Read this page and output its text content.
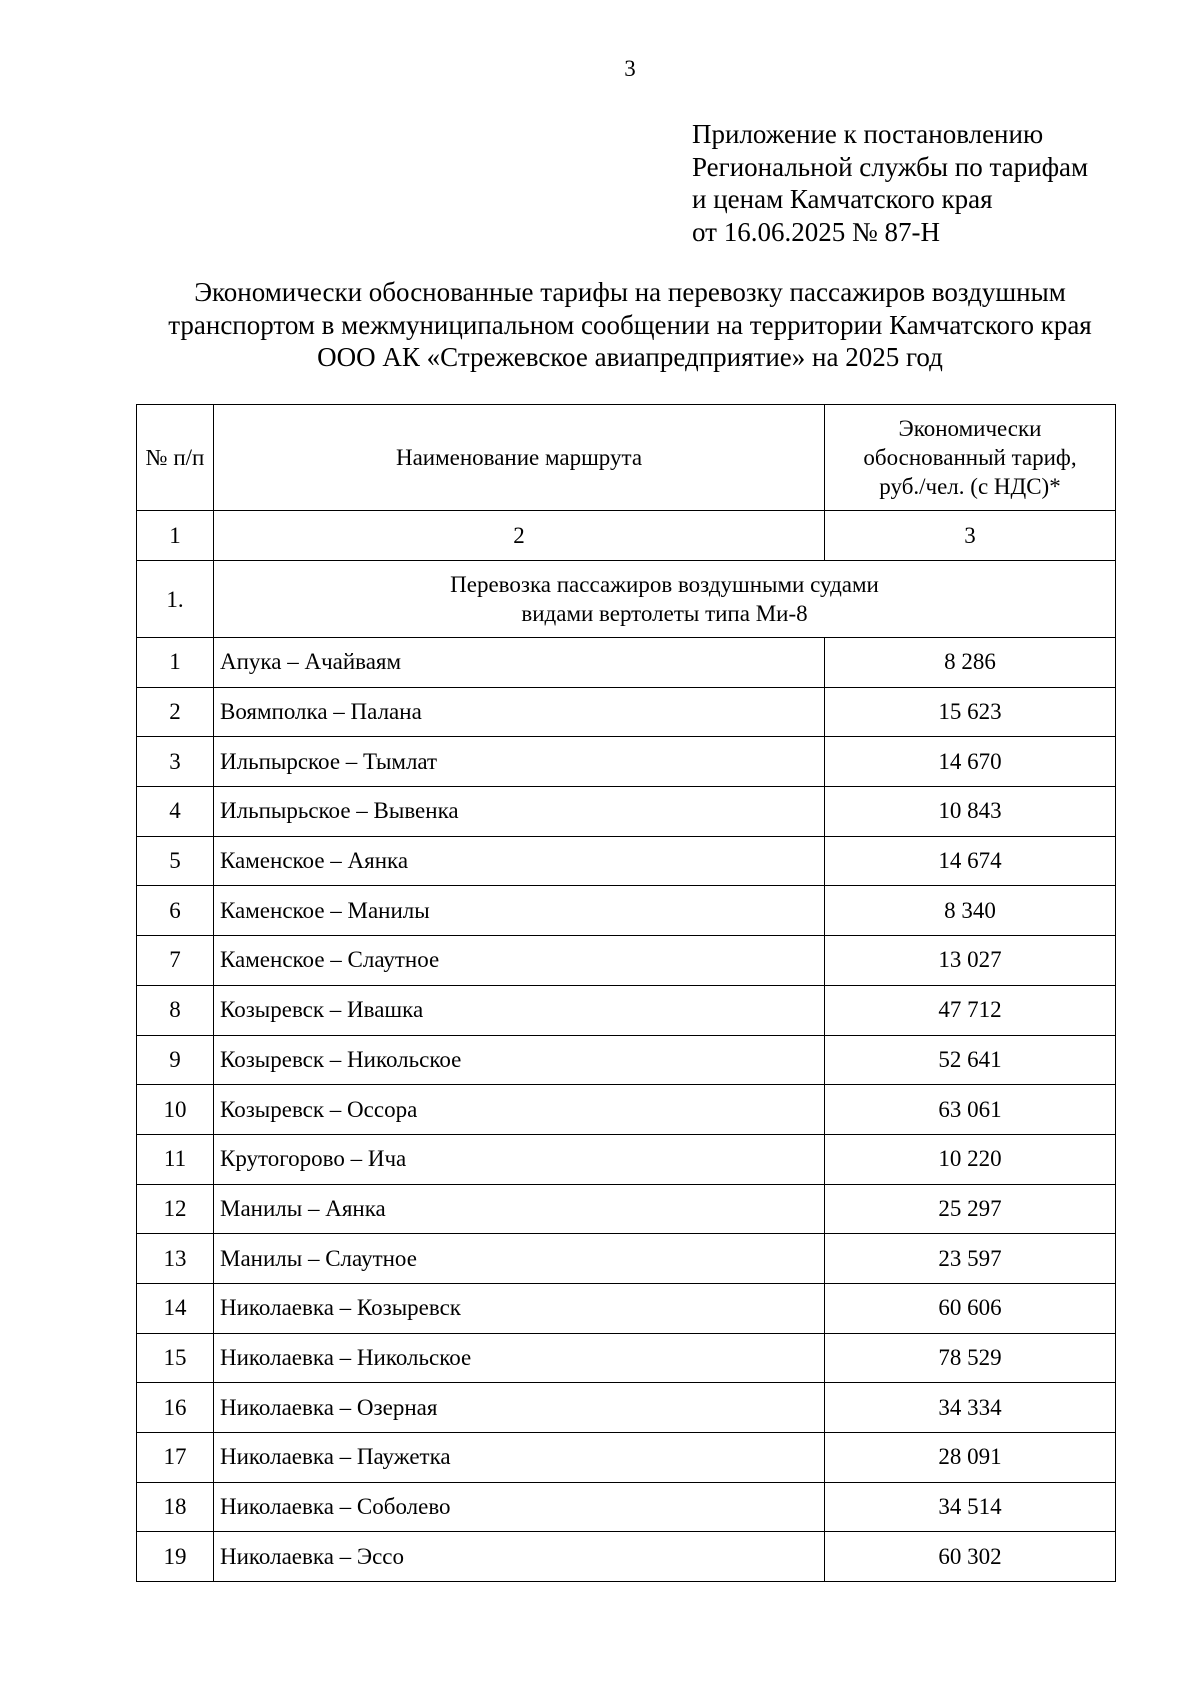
3
Приложение к постановлению
Региональной службы по тарифам
и ценам Камчатского края
от 16.06.2025 № 87-Н
Экономически обоснованные тарифы на перевозку пассажиров воздушным
транспортом в межмуниципальном сообщении на территории Камчатского края
ООО АК «Стрежевское авиапредприятие» на 2025 год
№ п/п	Наименование маршрута	Экономически
обоснованный тариф,
руб./чел. (с НДС)*

1	2	3
1.	Перевозка пассажиров воздушными судами
видами вертолеты типа Ми-8	

1	Апука – Ачайваям	8 286
2	Воямполка – Палана	15 623
3	Ильпырское – Тымлат	14 670
4	Ильпырьское – Вывенка	10 843
5	Каменское – Аянка	14 674
6	Каменское – Манилы	8 340
7	Каменское – Слаутное	13 027
8	Козыревск – Ивашка	47 712
9	Козыревск – Никольское	52 641
10	Козыревск – Оссора	63 061
11	Крутогорово – Ича	10 220
12	Манилы – Аянка	25 297
13	Манилы – Слаутное	23 597
14	Николаевка – Козыревск	60 606
15	Николаевка – Никольское	78 529
16	Николаевка – Озерная	34 334
17	Николаевка – Паужетка	28 091
18	Николаевка – Соболево	34 514
19	Николаевка – Эссо	60 302
